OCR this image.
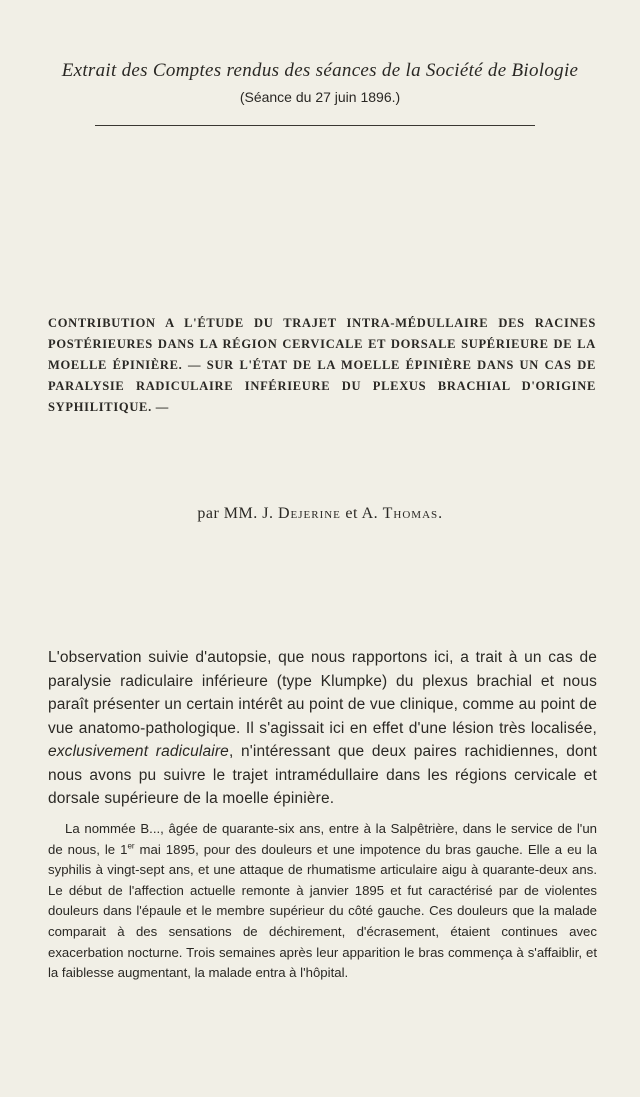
Extrait des Comptes rendus des séances de la Société de Biologie

(Séance du 27 juin 1896.)

CONTRIBUTION A L'ÉTUDE DU TRAJET INTRA-MÉDULLAIRE DES RACINES POSTÉRIEURES DANS LA RÉGION CERVICALE ET DORSALE SUPÉRIEURE DE LA MOELLE ÉPINIÈRE. — SUR L'ÉTAT DE LA MOELLE ÉPINIÈRE DANS UN CAS DE PARALYSIE RADICULAIRE INFÉRIEURE DU PLEXUS BRACHIAL D'ORIGINE SYPHILITIQUE. —

par MM. J. Dejerine et A. Thomas.

L'observation suivie d'autopsie, que nous rapportons ici, a trait à un cas de paralysie radiculaire inférieure (type Klumpke) du plexus brachial et nous paraît présenter un certain intérêt au point de vue clinique, comme au point de vue anatomo-pathologique. Il s'agissait ici en effet d'une lésion très localisée, exclusivement radiculaire, n'intéressant que deux paires rachidiennes, dont nous avons pu suivre le trajet intramédullaire dans les régions cervicale et dorsale supérieure de la moelle épinière.

La nommée B..., âgée de quarante-six ans, entre à la Salpêtrière, dans le service de l'un de nous, le 1er mai 1895, pour des douleurs et une impotence du bras gauche. Elle a eu la syphilis à vingt-sept ans, et une attaque de rhumatisme articulaire aigu à quarante-deux ans. Le début de l'affection actuelle remonte à janvier 1895 et fut caractérisé par de violentes douleurs dans l'épaule et le membre supérieur du côté gauche. Ces douleurs que la malade comparait à des sensations de déchirement, d'écrasement, étaient continues avec exacerbation nocturne. Trois semaines après leur apparition le bras commença à s'affaiblir, et la faiblesse augmentant, la malade entra à l'hôpital.
